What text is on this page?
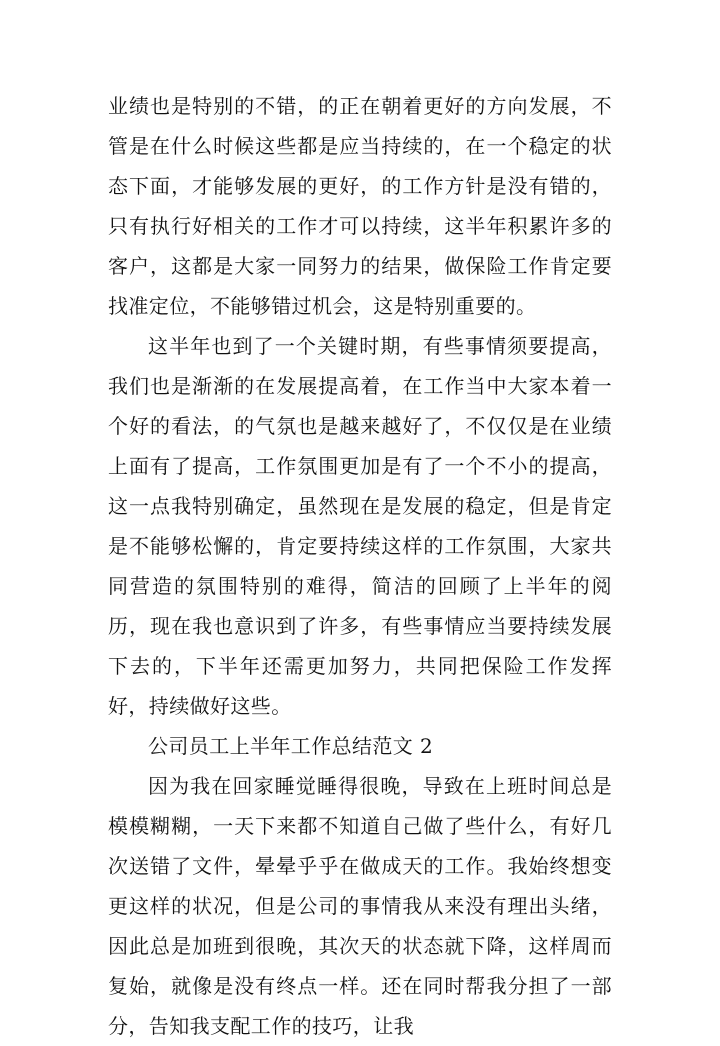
业绩也是特别的不错，的正在朝着更好的方向发展，不管是在什么时候这些都是应当持续的，在一个稳定的状态下面，才能够发展的更好，的工作方针是没有错的，只有执行好相关的工作才可以持续，这半年积累许多的客户，这都是大家一同努力的结果，做保险工作肯定要找准定位，不能够错过机会，这是特别重要的。

这半年也到了一个关键时期，有些事情须要提高，我们也是渐渐的在发展提高着，在工作当中大家本着一个好的看法，的气氛也是越来越好了，不仅仅是在业绩上面有了提高，工作氛围更加是有了一个不小的提高，这一点我特别确定，虽然现在是发展的稳定，但是肯定是不能够松懈的，肯定要持续这样的工作氛围，大家共同营造的氛围特别的难得，简洁的回顾了上半年的阅历，现在我也意识到了许多，有些事情应当要持续发展下去的，下半年还需更加努力，共同把保险工作发挥好，持续做好这些。

公司员工上半年工作总结范文 2

因为我在回家睡觉睡得很晚，导致在上班时间总是模模糊糊，一天下来都不知道自己做了些什么，有好几次送错了文件，晕晕乎乎在做成天的工作。我始终想变更这样的状况，但是公司的事情我从来没有理出头绪，因此总是加班到很晚，其次天的状态就下降，这样周而复始，就像是没有终点一样。还在同时帮我分担了一部分，告知我支配工作的技巧，让我
